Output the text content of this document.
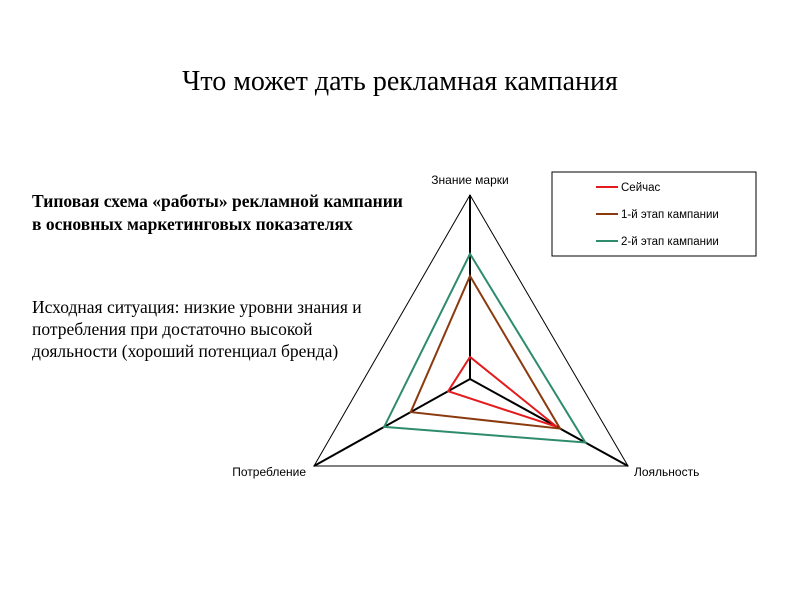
Что может дать рекламная кампания
Типовая схема «работы» рекламной кампании в основных маркетинговых показателях
Исходная ситуация: низкие уровни знания и потребления при достаточно высокой дояльности (хороший потенциал бренда)
Знание марки
Лояльность
Потребление
Сейчас
1-й этап кампании
2-й этап кампании
